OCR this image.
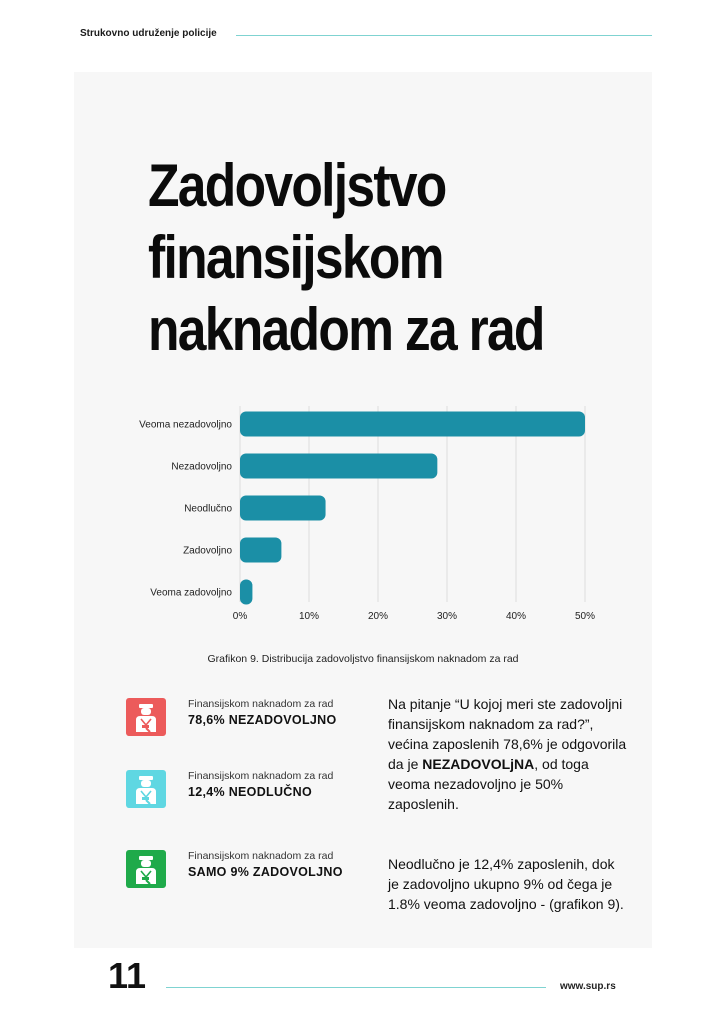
Strukovno udruženje policije
Zadovoljstvo
finansijskom
naknadom za rad
0%	10%	20%	30%	40%	50%
Veoma nezadovoljno
Nezadovoljno
Neodlučno
Zadovoljno
Veoma zadovoljno
Grafikon 9. Distribucija zadovoljstvo finansijskom naknadom za rad
Finansijskom naknadom za rad
78,6% NEZADOVOLJNO
Finansijskom naknadom za rad
12,4% NEODLUČNO
Finansijskom naknadom za rad
SAMO 9% ZADOVOLJNO
Na pitanje “U kojoj meri ste zadovoljni finansijskom naknadom za rad?”, većina zaposlenih 78,6% je odgovorila da je NEZADOVOLjNA, od toga veoma nezadovoljno je 50% zaposlenih.
Neodlučno je 12,4% zaposlenih, dok je zadovoljno ukupno 9% od čega je 1.8% veoma zadovoljno - (grafikon 9).
11	www.sup.rs
